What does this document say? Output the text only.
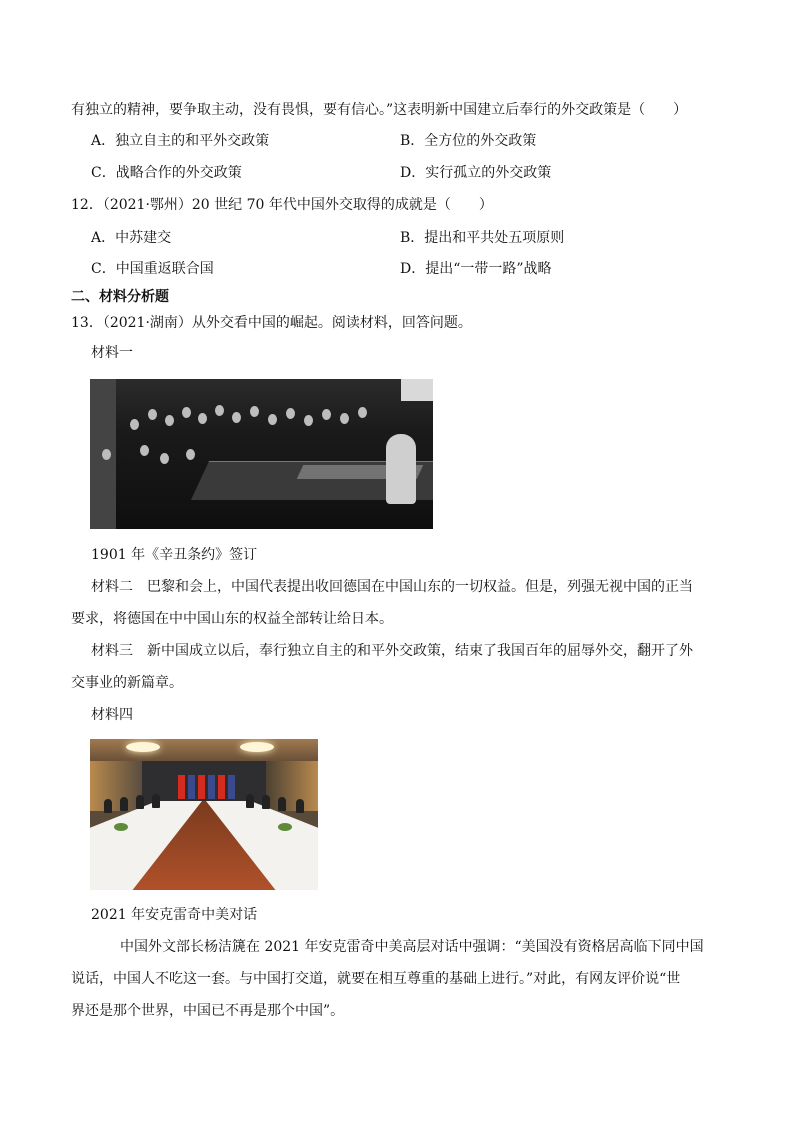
有独立的精神，要争取主动，没有畏惧，要有信心。”这表明新中国建立后奉行的外交政策是（　　）
A．独立自主的和平外交政策	B．全方位的外交政策
C．战略合作的外交政策	D．实行孤立的外交政策
12．（2021·鄂州）20 世纪 70 年代中国外交取得的成就是（　　）
A．中苏建交	B．提出和平共处五项原则
C．中国重返联合国	D．提出“一带一路”战略
二、材料分析题
13．（2021·湖南）从外交看中国的崛起。阅读材料，回答问题。
材料一
1901 年《辛丑条约》签订
材料二　巴黎和会上，中国代表提出收回德国在中国山东的一切权益。但是，列强无视中国的正当
要求，将德国在中中国山东的权益全部转让给日本。
材料三　新中国成立以后，奉行独立自主的和平外交政策，结束了我国百年的屈辱外交，翻开了外
交事业的新篇章。
材料四
2021 年安克雷奇中美对话
中国外文部长杨洁篪在 2021 年安克雷奇中美高层对话中强调：“美国没有资格居高临下同中国
说话，中国人不吃这一套。与中国打交道，就要在相互尊重的基础上进行。”对此，有网友评价说“世
界还是那个世界，中国已不再是那个中国”。
